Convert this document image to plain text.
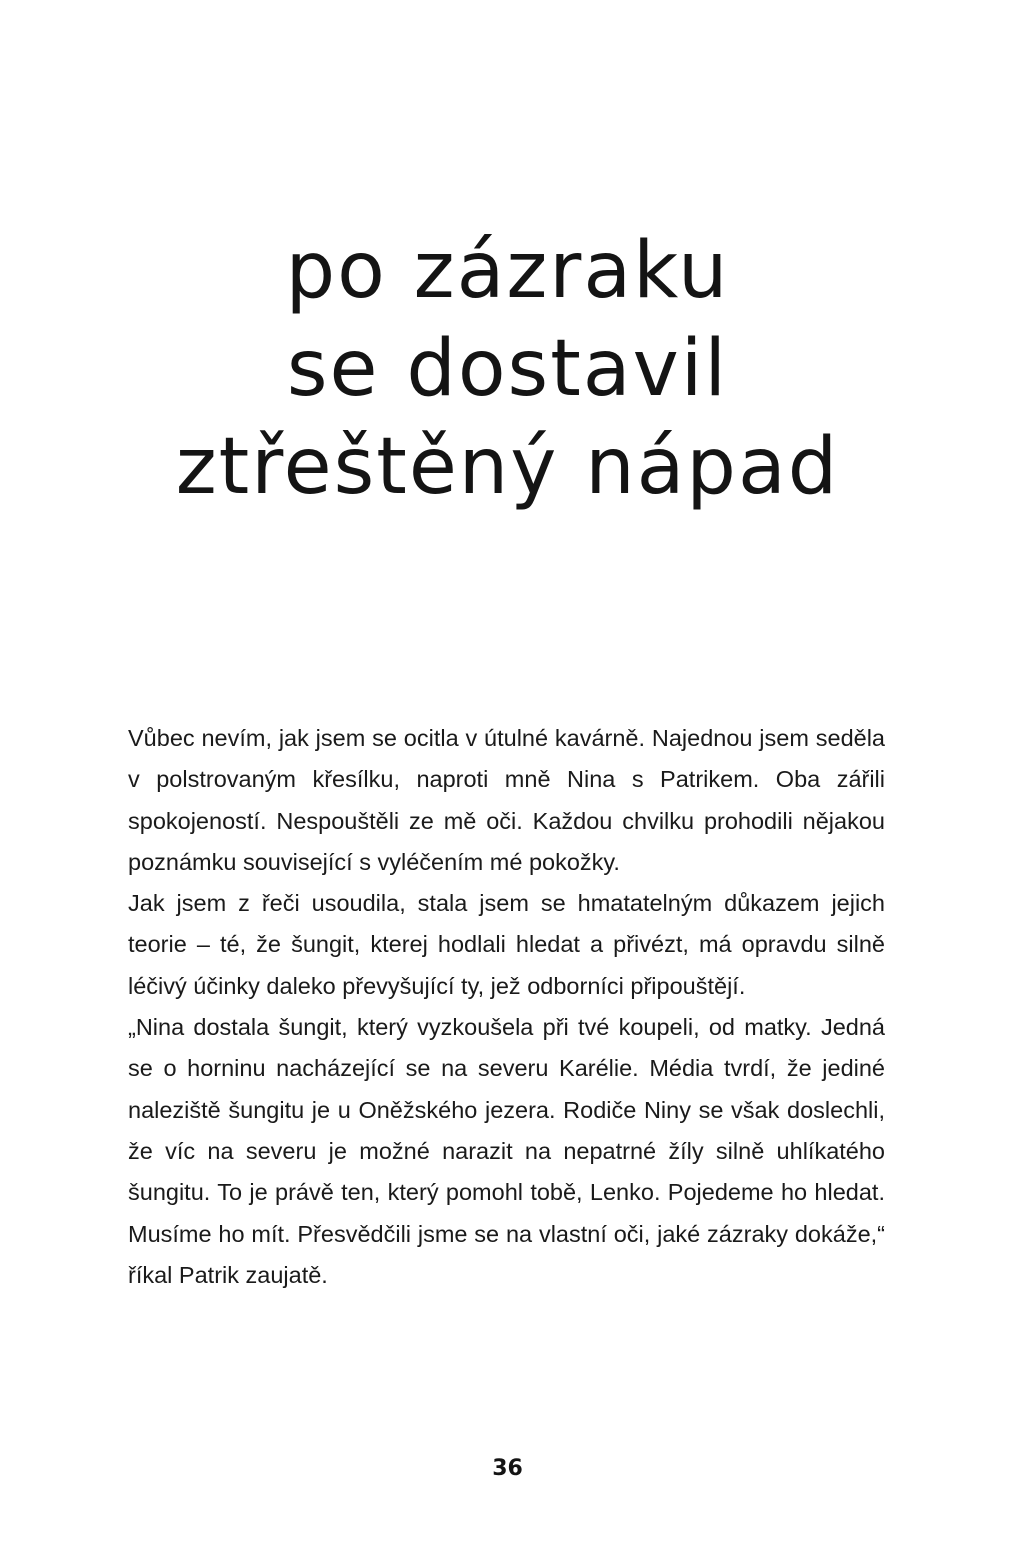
po zázraku
se dostavil
ztřeštěný nápad

Vůbec nevím, jak jsem se ocitla v útulné kavárně. Najednou jsem seděla v polstrovaným křesílku, naproti mně Nina s Patrikem. Oba zářili spokojeností. Nespouštěli ze mě oči. Každou chvilku prohodili nějakou poznámku související s vyléčením mé pokožky.

Jak jsem z řeči usoudila, stala jsem se hmatatelným důkazem jejich teorie – té, že šungit, kterej hodlali hledat a přivézt, má opravdu silně léčivý účinky daleko převyšující ty, jež odborníci připouštějí.

„Nina dostala šungit, který vyzkoušela při tvé koupeli, od matky. Jedná se o horninu nacházející se na severu Karélie. Média tvrdí, že jediné naleziště šungitu je u Oněžského jezera. Rodiče Niny se však doslechli, že víc na severu je možné narazit na nepatrné žíly silně uhlíkatého šungitu. To je právě ten, který pomohl tobě, Lenko. Pojedeme ho hledat. Musíme ho mít. Přesvědčili jsme se na vlastní oči, jaké zázraky dokáže,“ říkal Patrik zaujatě.

36
